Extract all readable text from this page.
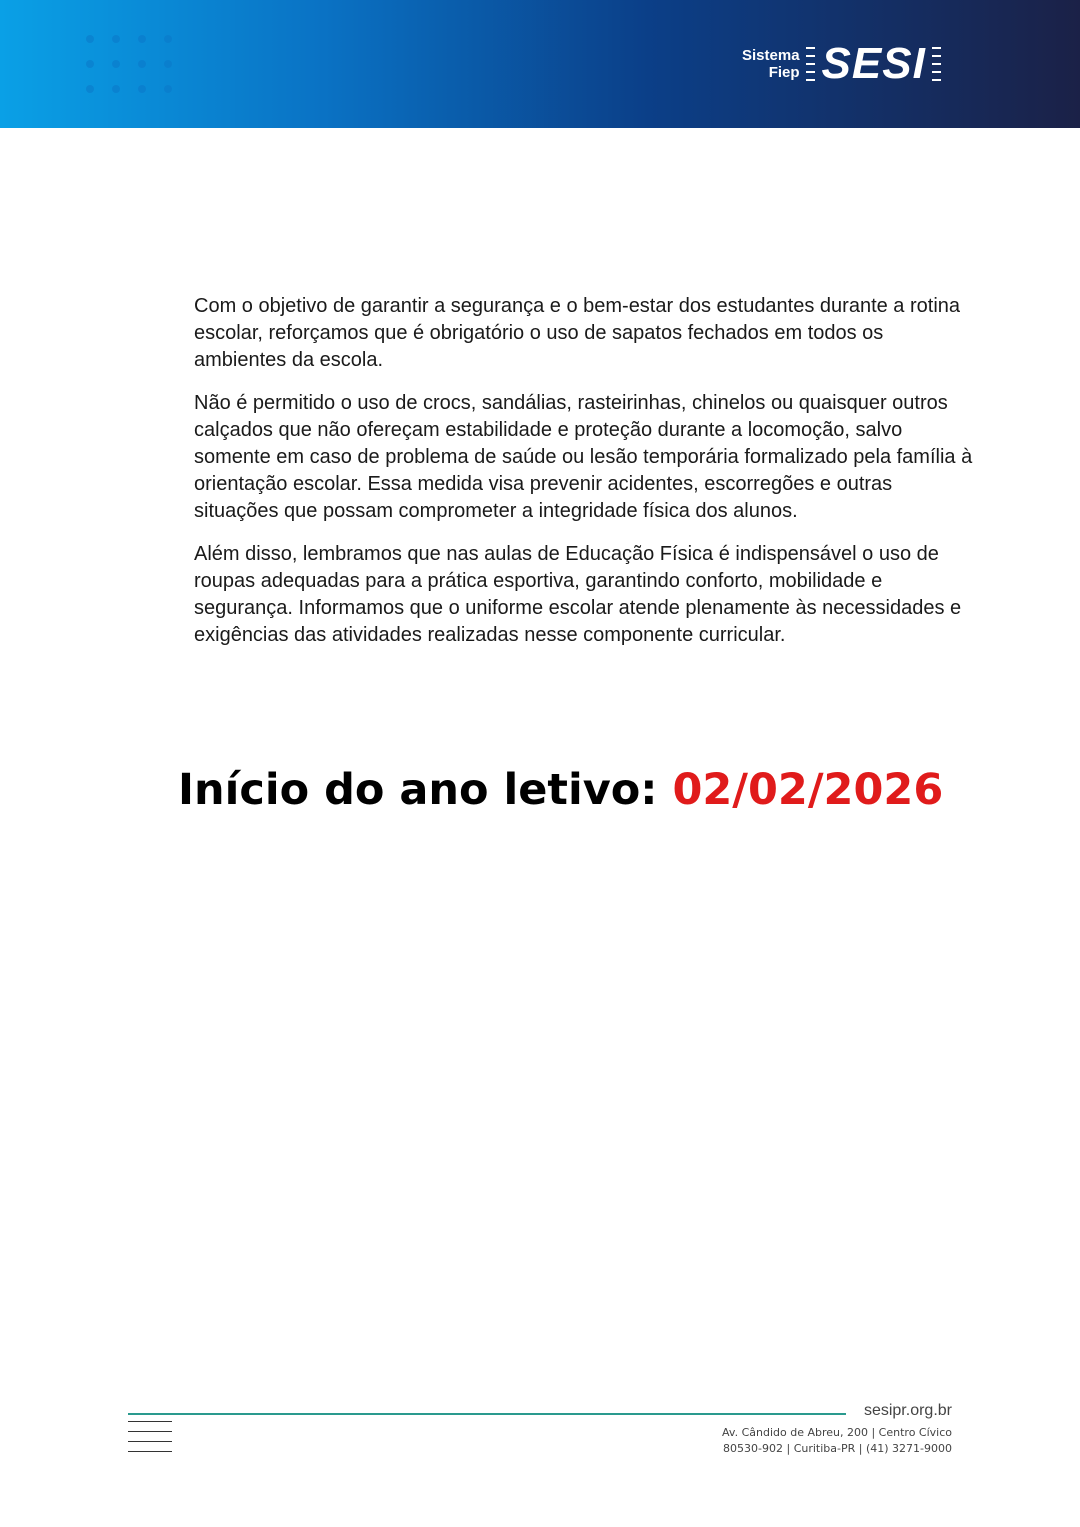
Sistema
Fiep SESI

Com o objetivo de garantir a segurança e o bem-estar dos estudantes durante a rotina escolar, reforçamos que é obrigatório o uso de sapatos fechados em todos os ambientes da escola.

Não é permitido o uso de crocs, sandálias, rasteirinhas, chinelos ou quaisquer outros calçados que não ofereçam estabilidade e proteção durante a locomoção, salvo somente em caso de problema de saúde ou lesão temporária formalizado pela família à orientação escolar. Essa medida visa prevenir acidentes, escorregões e outras situações que possam comprometer a integridade física dos alunos.

Além disso, lembramos que nas aulas de Educação Física é indispensável o uso de roupas adequadas para a prática esportiva, garantindo conforto, mobilidade e segurança. Informamos que o uniforme escolar atende plenamente às necessidades e exigências das atividades realizadas nesse componente curricular.

Início do ano letivo: 02/02/2026
sesipr.org.br
Av. Cândido de Abreu, 200 | Centro Cívico
80530-902 | Curitiba-PR | (41) 3271-9000
